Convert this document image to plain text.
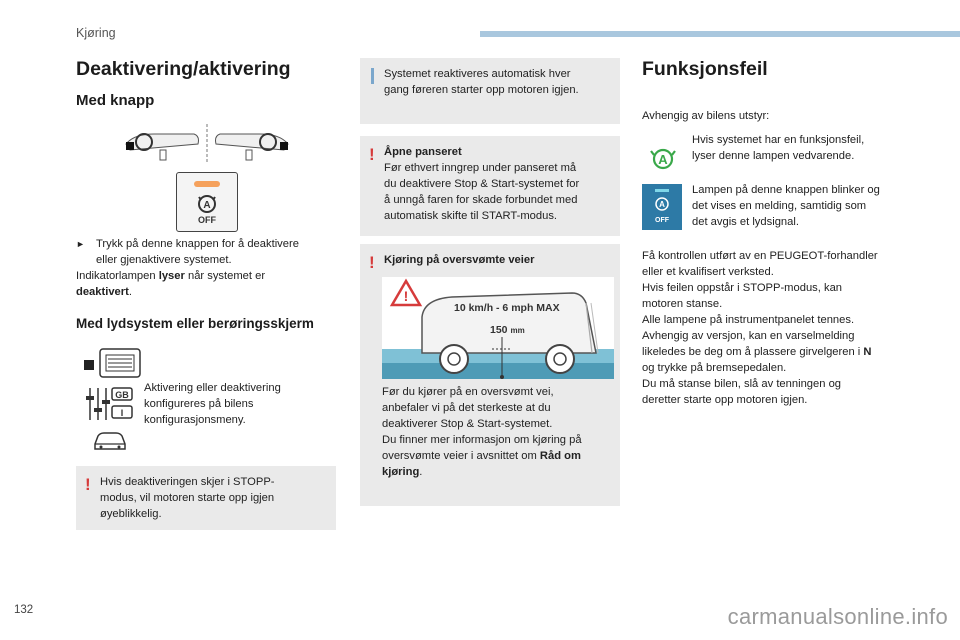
Kjøring
Deaktivering/aktivering
Med knapp
A
OFF
► Trykk på denne knappen for å deaktivere
eller gjenaktivere systemet.
Indikatorlampen lyser når systemet er
deaktivert.
Med lydsystem eller berøringsskjerm
GB
I
Aktivering eller deaktivering
konfigureres på bilens
konfigurasjonsmeny.
! Hvis deaktiveringen skjer i STOPP-
modus, vil motoren starte opp igjen
øyeblikkelig.
Systemet reaktiveres automatisk hver
gang føreren starter opp motoren igjen.
! Åpne panseret
Før ethvert inngrep under panseret må
du deaktivere Stop & Start-systemet for
å unngå faren for skade forbundet med
automatisk skifte til START-modus.
! Kjøring på oversvømte veier
!
10 km/h - 6 mph MAX
150 mm
Før du kjører på en oversvømt vei,
anbefaler vi på det sterkeste at du
deaktiverer Stop & Start-systemet.
Du finner mer informasjon om kjøring på
oversvømte veier i avsnittet om Råd om
kjøring.
Funksjonsfeil
Avhengig av bilens utstyr:
A
Hvis systemet har en funksjonsfeil,
lyser denne lampen vedvarende.
A
OFF
Lampen på denne knappen blinker og
det vises en melding, samtidig som
det avgis et lydsignal.
Få kontrollen utført av en PEUGEOT-forhandler
eller et kvalifisert verksted.
Hvis feilen oppstår i STOPP-modus, kan
motoren stanse.
Alle lampene på instrumentpanelet tennes.
Avhengig av versjon, kan en varselmelding
likeledes be deg om å plassere girvelgeren i N
og trykke på bremsepedalen.
Du må stanse bilen, slå av tenningen og
deretter starte opp motoren igjen.
132	carmanualsonline.info
